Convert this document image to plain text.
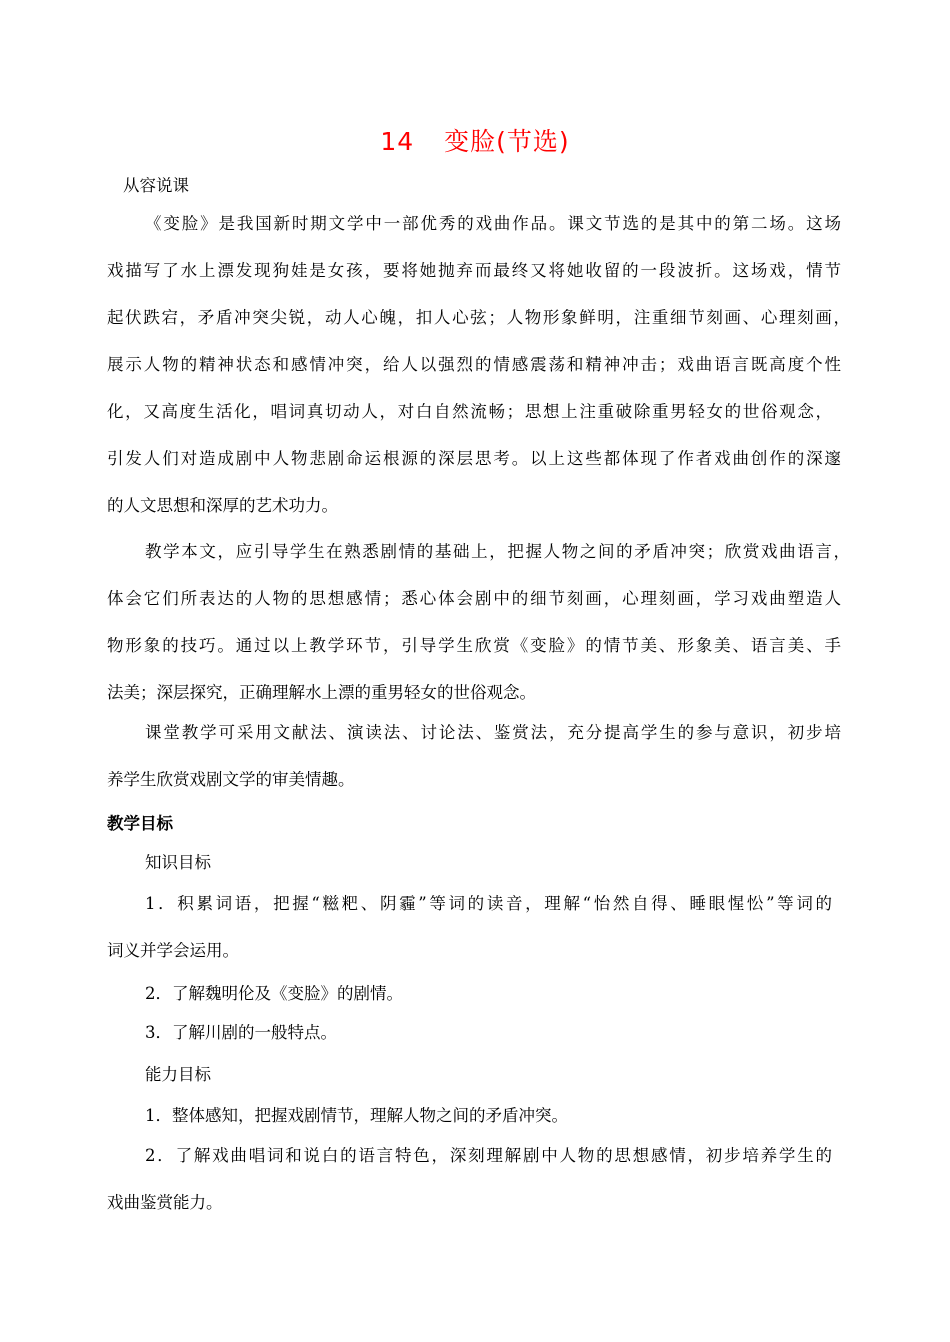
14 变脸(节选)
从容说课
《变脸》是我国新时期文学中一部优秀的戏曲作品。课文节选的是其中的第二场。这场
戏描写了水上漂发现狗娃是女孩，要将她抛弃而最终又将她收留的一段波折。这场戏，情节
起伏跌宕，矛盾冲突尖锐，动人心魄，扣人心弦；人物形象鲜明，注重细节刻画、心理刻画，
展示人物的精神状态和感情冲突，给人以强烈的情感震荡和精神冲击；戏曲语言既高度个性
化，又高度生活化，唱词真切动人，对白自然流畅；思想上注重破除重男轻女的世俗观念，
引发人们对造成剧中人物悲剧命运根源的深层思考。以上这些都体现了作者戏曲创作的深邃
的人文思想和深厚的艺术功力。
教学本文，应引导学生在熟悉剧情的基础上，把握人物之间的矛盾冲突；欣赏戏曲语言，
体会它们所表达的人物的思想感情；悉心体会剧中的细节刻画，心理刻画，学习戏曲塑造人
物形象的技巧。通过以上教学环节，引导学生欣赏《变脸》的情节美、形象美、语言美、手
法美；深层探究，正确理解水上漂的重男轻女的世俗观念。
课堂教学可采用文献法、演读法、讨论法、鉴赏法，充分提高学生的参与意识，初步培
养学生欣赏戏剧文学的审美情趣。
教学目标
知识目标
1．积累词语，把握“糍粑、阴霾”等词的读音，理解“怡然自得、睡眼惺忪”等词的
词义并学会运用。
2．了解魏明伦及《变脸》的剧情。
3．了解川剧的一般特点。
能力目标
1．整体感知，把握戏剧情节，理解人物之间的矛盾冲突。
2．了解戏曲唱词和说白的语言特色，深刻理解剧中人物的思想感情，初步培养学生的
戏曲鉴赏能力。
